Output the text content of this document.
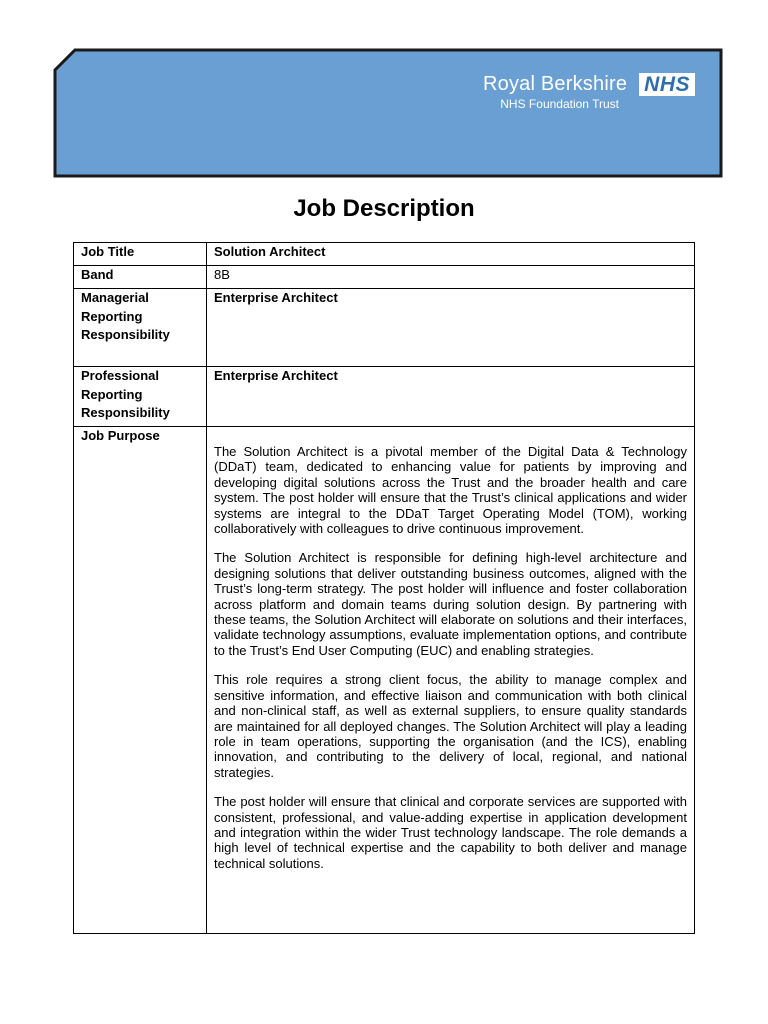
Royal Berkshire NHS
NHS Foundation Trust
Job Description
Job Title	Solution Architect
Band	8B
Managerial Reporting Responsibility	Enterprise Architect
Professional Reporting Responsibility	Enterprise Architect
Job Purpose	The Solution Architect is a pivotal member of the Digital Data & Technology (DDaT) team, dedicated to enhancing value for patients by improving and developing digital solutions across the Trust and the broader health and care system. The post holder will ensure that the Trust’s clinical applications and wider systems are integral to the DDaT Target Operating Model (TOM), working collaboratively with colleagues to drive continuous improvement.

The Solution Architect is responsible for defining high-level architecture and designing solutions that deliver outstanding business outcomes, aligned with the Trust’s long-term strategy. The post holder will influence and foster collaboration across platform and domain teams during solution design. By partnering with these teams, the Solution Architect will elaborate on solutions and their interfaces, validate technology assumptions, evaluate implementation options, and contribute to the Trust’s End User Computing (EUC) and enabling strategies.

This role requires a strong client focus, the ability to manage complex and sensitive information, and effective liaison and communication with both clinical and non-clinical staff, as well as external suppliers, to ensure quality standards are maintained for all deployed changes. The Solution Architect will play a leading role in team operations, supporting the organisation (and the ICS), enabling innovation, and contributing to the delivery of local, regional, and national strategies.

The post holder will ensure that clinical and corporate services are supported with consistent, professional, and value-adding expertise in application development and integration within the wider Trust technology landscape. The role demands a high level of technical expertise and the capability to both deliver and manage technical solutions.
